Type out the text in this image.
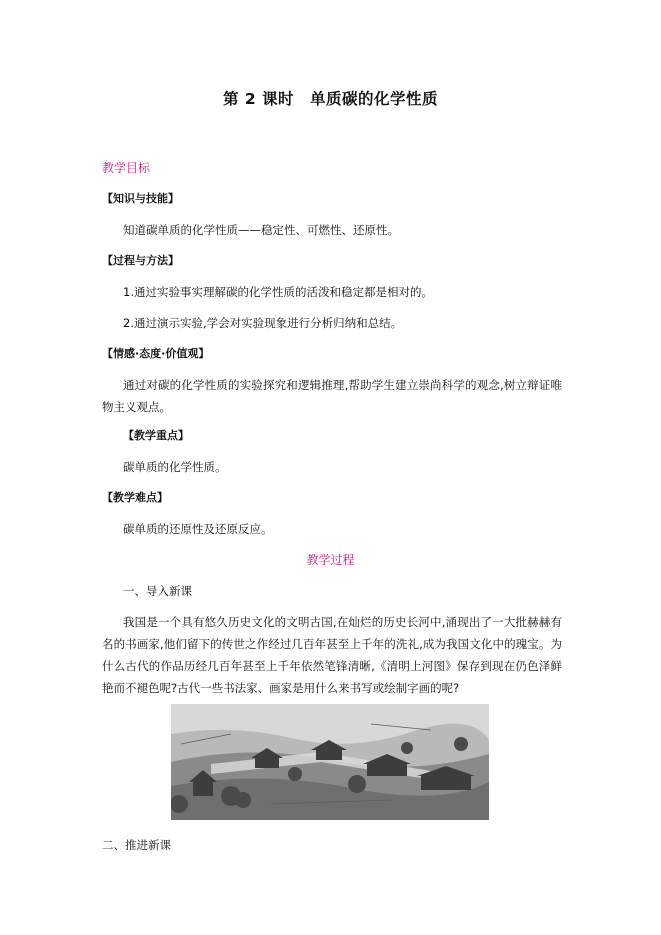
第 2 课时　单质碳的化学性质
教学目标
【知识与技能】
知道碳单质的化学性质——稳定性、可燃性、还原性。
【过程与方法】
1.通过实验事实理解碳的化学性质的活泼和稳定都是相对的。
2.通过演示实验,学会对实验现象进行分析归纳和总结。
【情感·态度·价值观】
通过对碳的化学性质的实验探究和逻辑推理,帮助学生建立崇尚科学的观念,树立辩证唯物主义观点。
【教学重点】
碳单质的化学性质。
【教学难点】
碳单质的还原性及还原反应。
教学过程
一、导入新课
我国是一个具有悠久历史文化的文明古国,在灿烂的历史长河中,涌现出了一大批赫赫有名的书画家,他们留下的传世之作经过几百年甚至上千年的洗礼,成为我国文化中的瑰宝。为什么古代的作品历经几百年甚至上千年依然笔锋清晰,《清明上河图》保存到现在仍色泽鲜艳而不褪色呢?古代一些书法家、画家是用什么来书写或绘制字画的呢?
二、推进新课
